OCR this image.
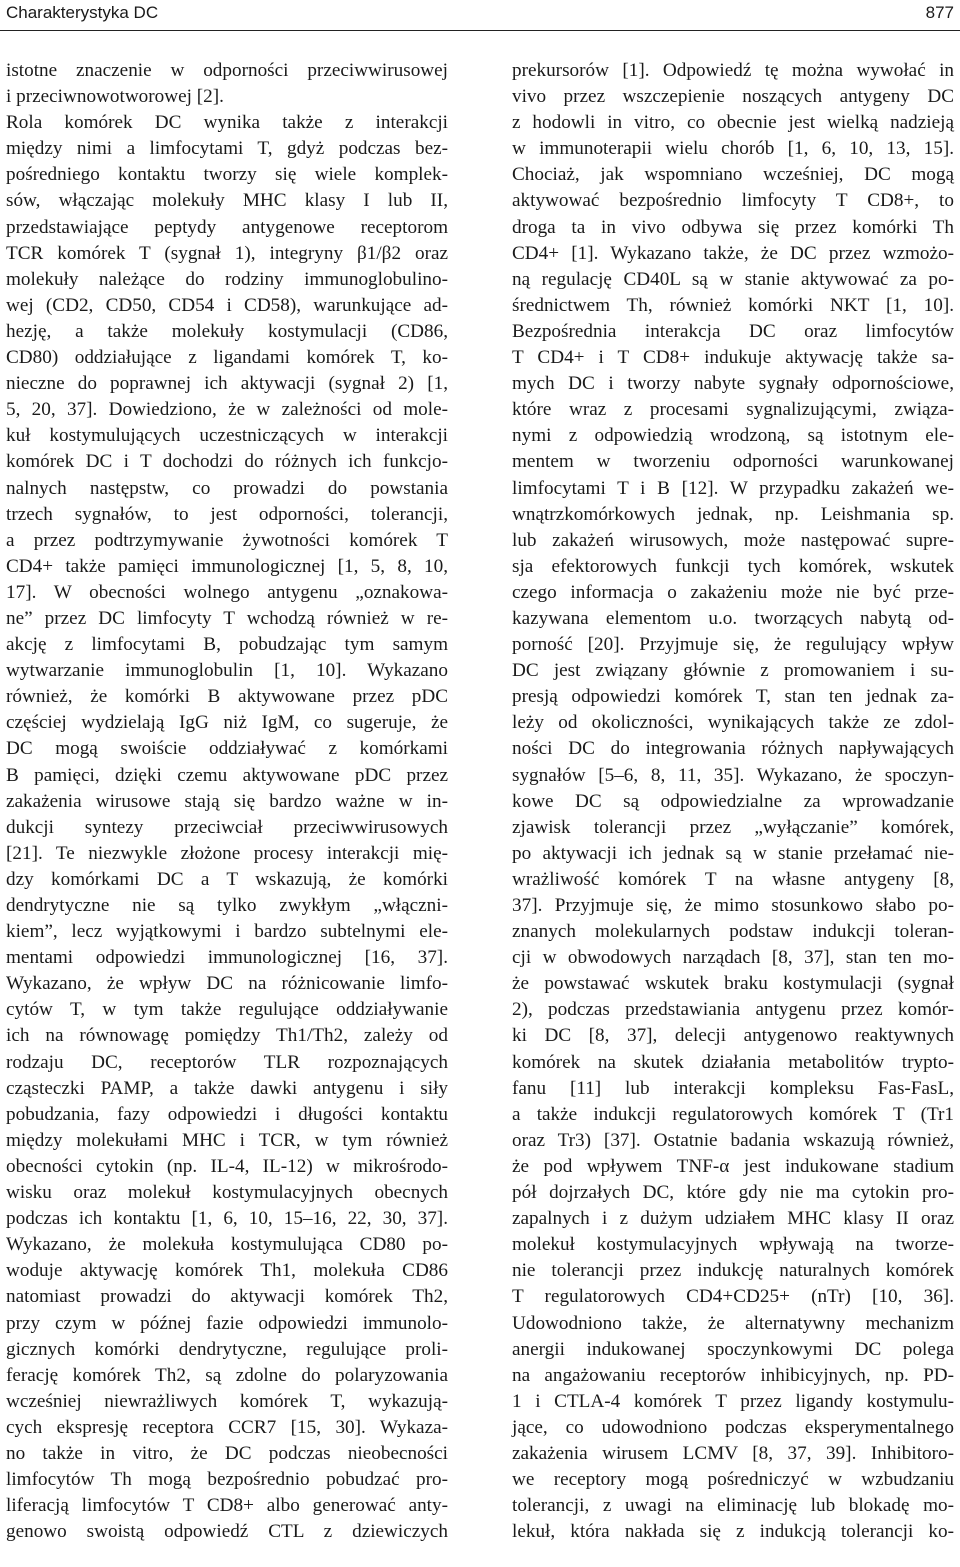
Charakterystyka DC	877
istotne znaczenie w odporności przeciwwirusowej
i przeciwnowotworowej [2].
Rola komórek DC wynika także z interakcji
między nimi a limfocytami T, gdyż podczas bez-
pośredniego kontaktu tworzy się wiele komplek-
sów, włączając molekuły MHC klasy I lub II,
przedstawiające peptydy antygenowe receptorom
TCR komórek T (sygnał 1), integryny β1/β2 oraz
molekuły należące do rodziny immunoglobulino-
wej (CD2, CD50, CD54 i CD58), warunkujące ad-
hezję, a także molekuły kostymulacji (CD86,
CD80) oddziałujące z ligandami komórek T, ko-
nieczne do poprawnej ich aktywacji (sygnał 2) [1,
5, 20, 37]. Dowiedziono, że w zależności od mole-
kuł kostymulujących uczestniczących w interakcji
komórek DC i T dochodzi do różnych ich funkcjo-
nalnych następstw, co prowadzi do powstania
trzech sygnałów, to jest odporności, tolerancji,
a przez podtrzymywanie żywotności komórek T
CD4+ także pamięci immunologicznej [1, 5, 8, 10,
17]. W obecności wolnego antygenu „oznakowa-
ne” przez DC limfocyty T wchodzą również w re-
akcję z limfocytami B, pobudzając tym samym
wytwarzanie immunoglobulin [1, 10]. Wykazano
również, że komórki B aktywowane przez pDC
częściej wydzielają IgG niż IgM, co sugeruje, że
DC mogą swoiście oddziaływać z komórkami
B pamięci, dzięki czemu aktywowane pDC przez
zakażenia wirusowe stają się bardzo ważne w in-
dukcji syntezy przeciwciał przeciwwirusowych
[21]. Te niezwykle złożone procesy interakcji mię-
dzy komórkami DC a T wskazują, że komórki
dendrytyczne nie są tylko zwykłym „włączni-
kiem”, lecz wyjątkowymi i bardzo subtelnymi ele-
mentami odpowiedzi immunologicznej [16, 37].
Wykazano, że wpływ DC na różnicowanie limfo-
cytów T, w tym także regulujące oddziaływanie
ich na równowagę pomiędzy Th1/Th2, zależy od
rodzaju DC, receptorów TLR rozpoznających
cząsteczki PAMP, a także dawki antygenu i siły
pobudzania, fazy odpowiedzi i długości kontaktu
między molekułami MHC i TCR, w tym również
obecności cytokin (np. IL-4, IL-12) w mikrośrodo-
wisku oraz molekuł kostymulacyjnych obecnych
podczas ich kontaktu [1, 6, 10, 15–16, 22, 30, 37].
Wykazano, że molekuła kostymulująca CD80 po-
woduje aktywację komórek Th1, molekuła CD86
natomiast prowadzi do aktywacji komórek Th2,
przy czym w późnej fazie odpowiedzi immunolo-
gicznych komórki dendrytyczne, regulujące proli-
ferację komórek Th2, są zdolne do polaryzowania
wcześniej niewrażliwych komórek T, wykazują-
cych ekspresję receptora CCR7 [15, 30]. Wykaza-
no także in vitro, że DC podczas nieobecności
limfocytów Th mogą bezpośrednio pobudzać pro-
liferacją limfocytów T CD8+ albo generować anty-
genowo swoistą odpowiedź CTL z dziewiczych
prekursorów [1]. Odpowiedź tę można wywołać in
vivo przez wszczepienie noszących antygeny DC
z hodowli in vitro, co obecnie jest wielką nadzieją
w immunoterapii wielu chorób [1, 6, 10, 13, 15].
Chociaż, jak wspomniano wcześniej, DC mogą
aktywować bezpośrednio limfocyty T CD8+, to
droga ta in vivo odbywa się przez komórki Th
CD4+ [1]. Wykazano także, że DC przez wzmożo-
ną regulację CD40L są w stanie aktywować za po-
średnictwem Th, również komórki NKT [1, 10].
Bezpośrednia interakcja DC oraz limfocytów
T CD4+ i T CD8+ indukuje aktywację także sa-
mych DC i tworzy nabyte sygnały odpornościowe,
które wraz z procesami sygnalizującymi, związa-
nymi z odpowiedzią wrodzoną, są istotnym ele-
mentem w tworzeniu odporności warunkowanej
limfocytami T i B [12]. W przypadku zakażeń we-
wnątrzkomórkowych jednak, np. Leishmania sp.
lub zakażeń wirusowych, może następować supre-
sja efektorowych funkcji tych komórek, wskutek
czego informacja o zakażeniu może nie być prze-
kazywana elementom u.o. tworzących nabytą od-
porność [20]. Przyjmuje się, że regulujący wpływ
DC jest związany głównie z promowaniem i su-
presją odpowiedzi komórek T, stan ten jednak za-
leży od okoliczności, wynikających także ze zdol-
ności DC do integrowania różnych napływających
sygnałów [5–6, 8, 11, 35]. Wykazano, że spoczyn-
kowe DC są odpowiedzialne za wprowadzanie
zjawisk tolerancji przez „wyłączanie” komórek,
po aktywacji ich jednak są w stanie przełamać nie-
wrażliwość komórek T na własne antygeny [8,
37]. Przyjmuje się, że mimo stosunkowo słabo po-
znanych molekularnych podstaw indukcji toleran-
cji w obwodowych narządach [8, 37], stan ten mo-
że powstawać wskutek braku kostymulacji (sygnał
2), podczas przedstawiania antygenu przez komór-
ki DC [8, 37], delecji antygenowo reaktywnych
komórek na skutek działania metabolitów trypto-
fanu [11] lub interakcji kompleksu Fas-FasL,
a także indukcji regulatorowych komórek T (Tr1
oraz Tr3) [37]. Ostatnie badania wskazują również,
że pod wpływem TNF-α jest indukowane stadium
pół dojrzałych DC, które gdy nie ma cytokin pro-
zapalnych i z dużym udziałem MHC klasy II oraz
molekuł kostymulacyjnych wpływają na tworze-
nie tolerancji przez indukcję naturalnych komórek
T regulatorowych CD4+CD25+ (nTr) [10, 36].
Udowodniono także, że alternatywny mechanizm
anergii indukowanej spoczynkowymi DC polega
na angażowaniu receptorów inhibicyjnych, np. PD-
1 i CTLA-4 komórek T przez ligandy kostymulu-
jące, co udowodniono podczas eksperymentalnego
zakażenia wirusem LCMV [8, 37, 39]. Inhibitoro-
we receptory mogą pośredniczyć w wzbudzaniu
tolerancji, z uwagi na eliminację lub blokadę mo-
lekuł, która nakłada się z indukcją tolerancji ko-
